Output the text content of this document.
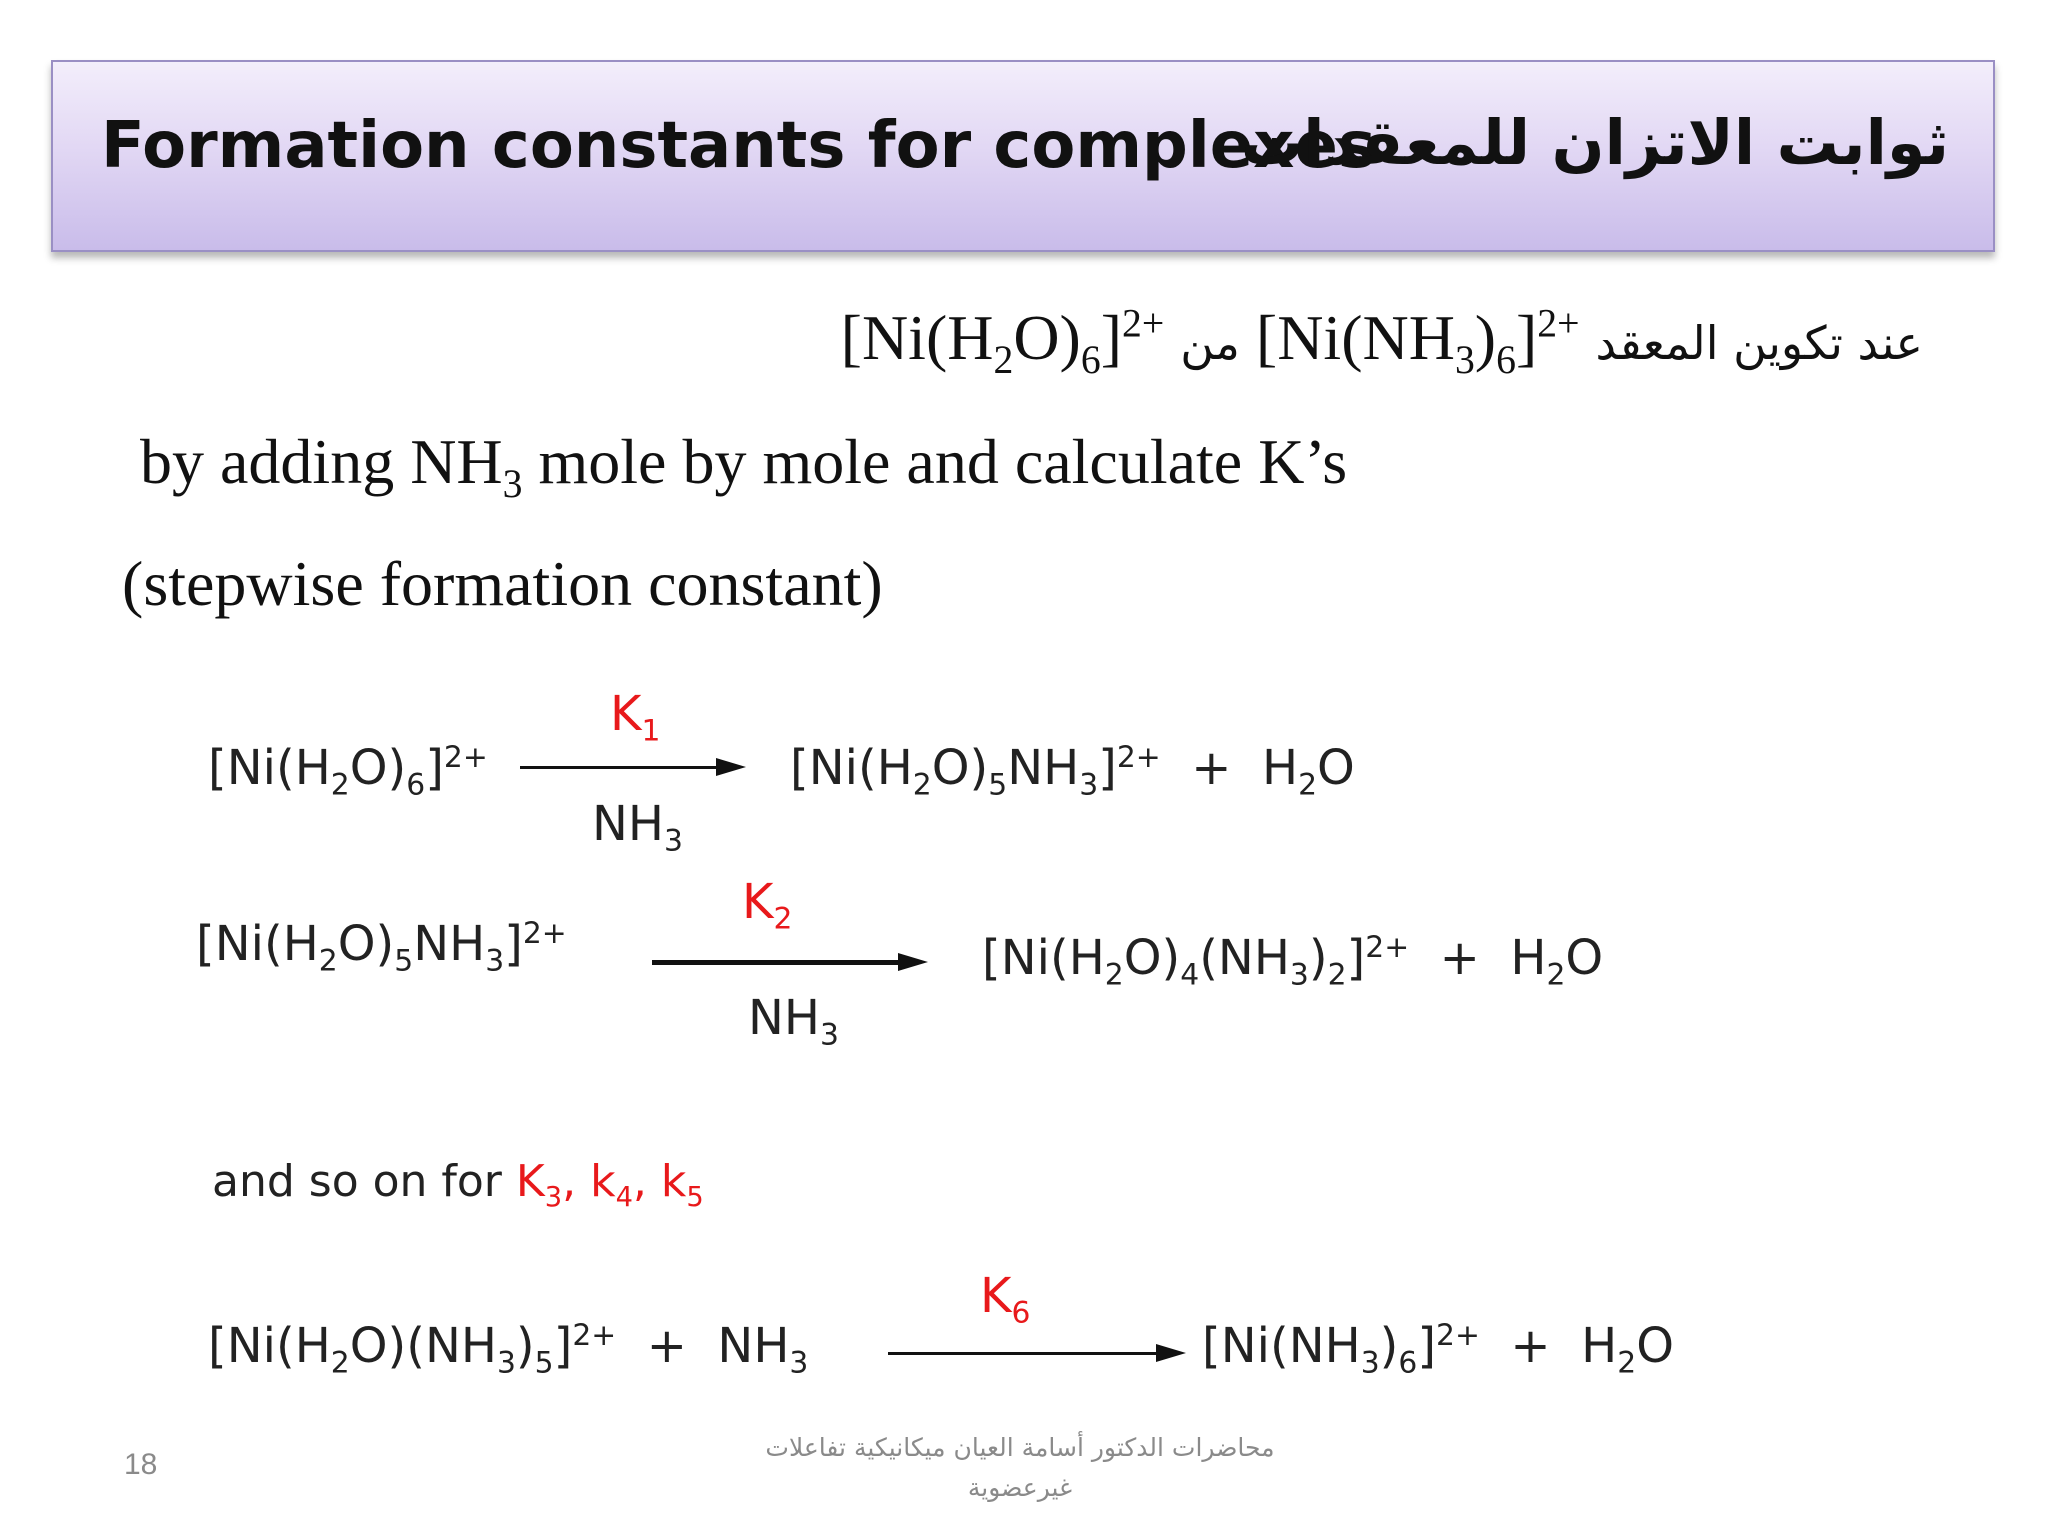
Formation constants for complexes
ثوابت الاتزان للمعقدات
$[Ni(H_2O)_6]^{2+}$ من $[Ni(NH_3)_6]^{2+}$ عند تكوين المعقد
by adding $NH_3$ mole by mole and calculate K’s
(stepwise formation constant)
$[Ni(H_2O)_6]^{2+}$
$K_1$
$NH_3$
$[Ni(H_2O)_5NH_3]^{2+} + H_2O$
$[Ni(H_2O)_5NH_3]^{2+}$
$K_2$
$NH_3$
$[Ni(H_2O)_4(NH_3)_2]^{2+} + H_2O$
and so on for $K_3$, $k_4$, $k_5$
$[Ni(H_2O)(NH_3)_5]^{2+} + NH_3$
$K_6$
$[Ni(NH_3)_6]^{2+} + H_2O$
18
محاضرات الدكتور أسامة العيان ميكانيكية تفاعلات غيرعضوية
